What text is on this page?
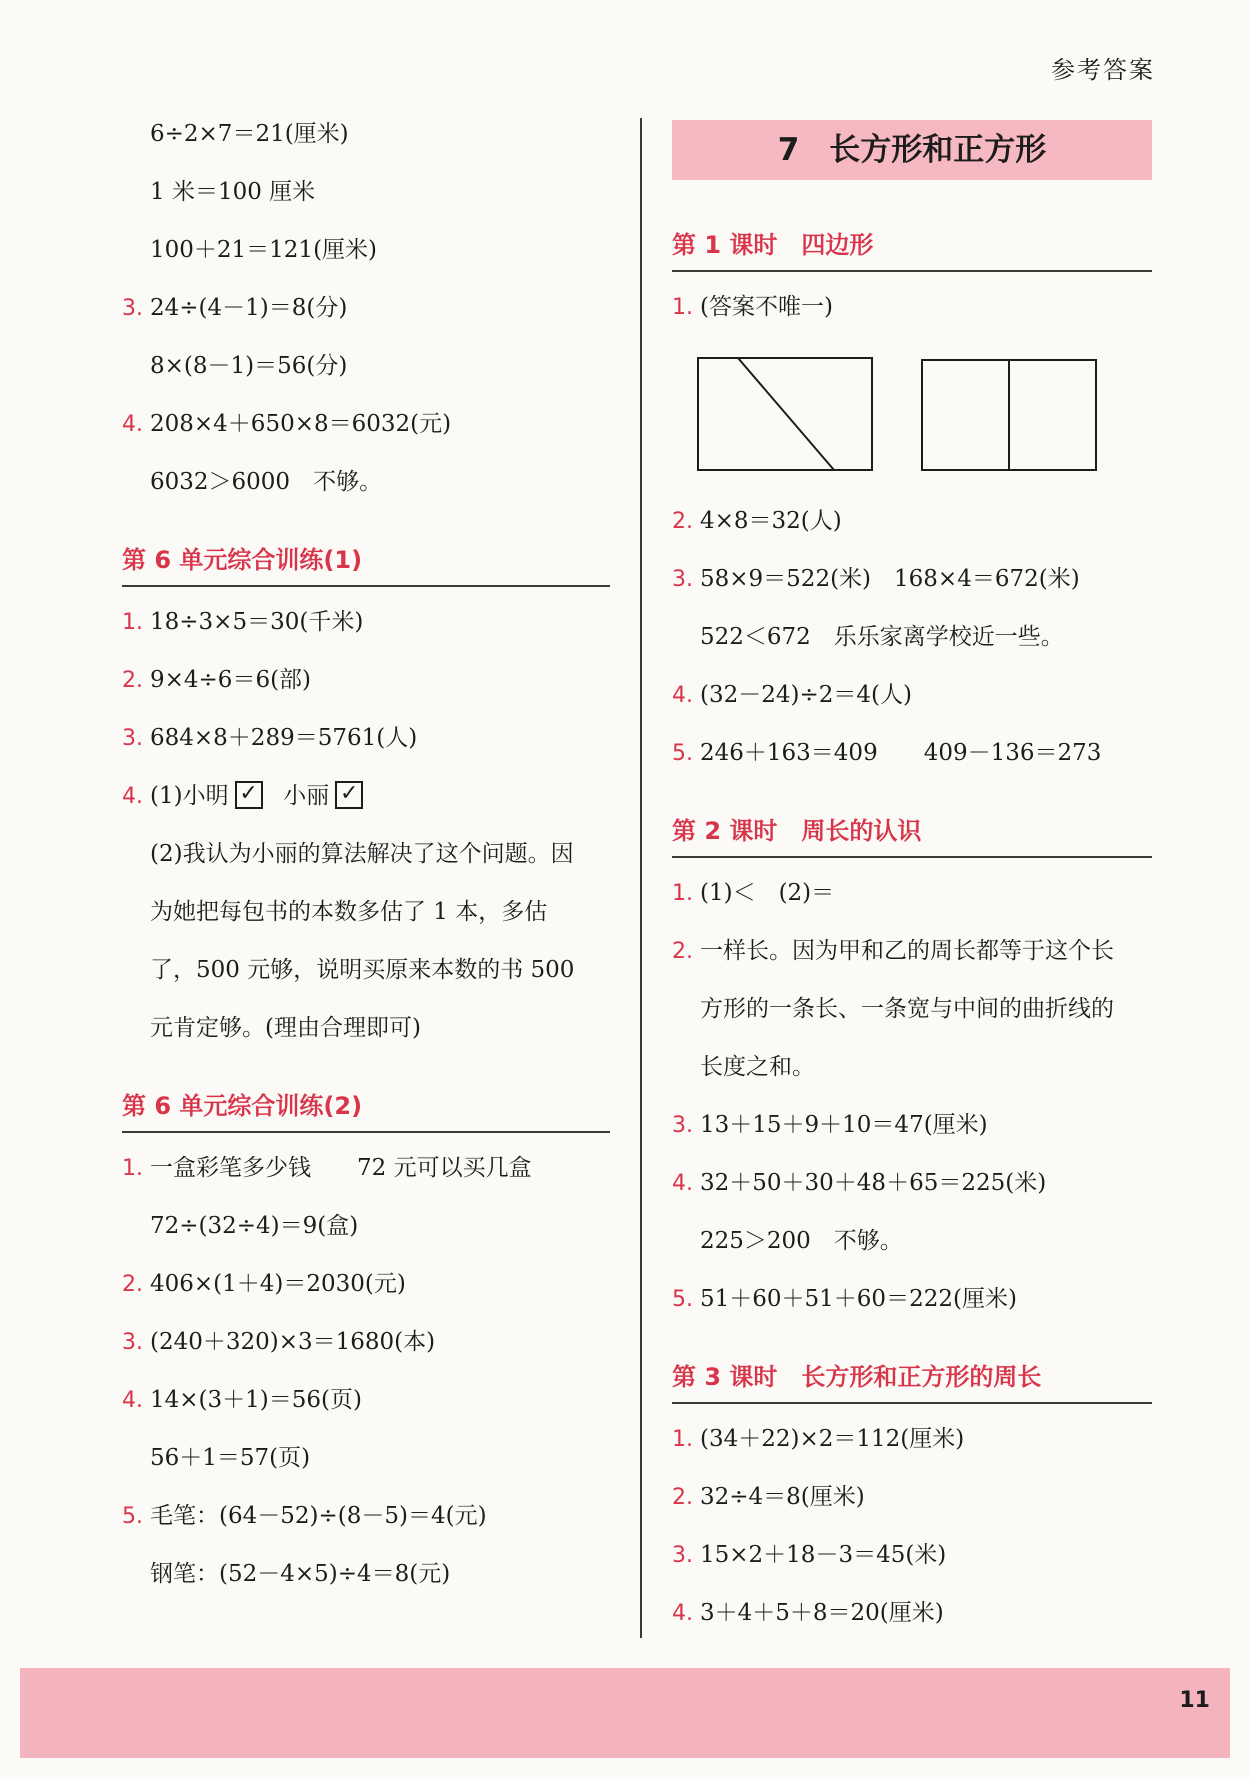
参考答案
6÷2×7＝21(厘米)
1 米＝100 厘米
100＋21＝121(厘米)
3. 24÷(4－1)＝8(分)
8×(8－1)＝56(分)
4. 208×4＋650×8＝6032(元)
6032＞6000　不够。
第 6 单元综合训练(1)
1. 18÷3×5＝30(千米)
2. 9×4÷6＝6(部)
3. 684×8＋289＝5761(人)
4. (1)小明 ✓ 小丽 ✓
(2)我认为小丽的算法解决了这个问题。因
为她把每包书的本数多估了 1 本，多估
了，500 元够，说明买原来本数的书 500
元肯定够。(理由合理即可)
第 6 单元综合训练(2)
1. 一盒彩笔多少钱　　72 元可以买几盒
72÷(32÷4)＝9(盒)
2. 406×(1＋4)＝2030(元)
3. (240＋320)×3＝1680(本)
4. 14×(3＋1)＝56(页)
56＋1＝57(页)
5. 毛笔：(64－52)÷(8－5)＝4(元)
钢笔：(52－4×5)÷4＝8(元)
7 长方形和正方形
第 1 课时　四边形
1. (答案不唯一)
2. 4×8＝32(人)
3. 58×9＝522(米)　168×4＝672(米)
522＜672　乐乐家离学校近一些。
4. (32－24)÷2＝4(人)
5. 246＋163＝409　　409－136＝273
第 2 课时　周长的认识
1. (1)＜　(2)＝
2. 一样长。因为甲和乙的周长都等于这个长
方形的一条长、一条宽与中间的曲折线的
长度之和。
3. 13＋15＋9＋10＝47(厘米)
4. 32＋50＋30＋48＋65＝225(米)
225＞200　不够。
5. 51＋60＋51＋60＝222(厘米)
第 3 课时　长方形和正方形的周长
1. (34＋22)×2＝112(厘米)
2. 32÷4＝8(厘米)
3. 15×2＋18－3＝45(米)
4. 3＋4＋5＋8＝20(厘米)
11
